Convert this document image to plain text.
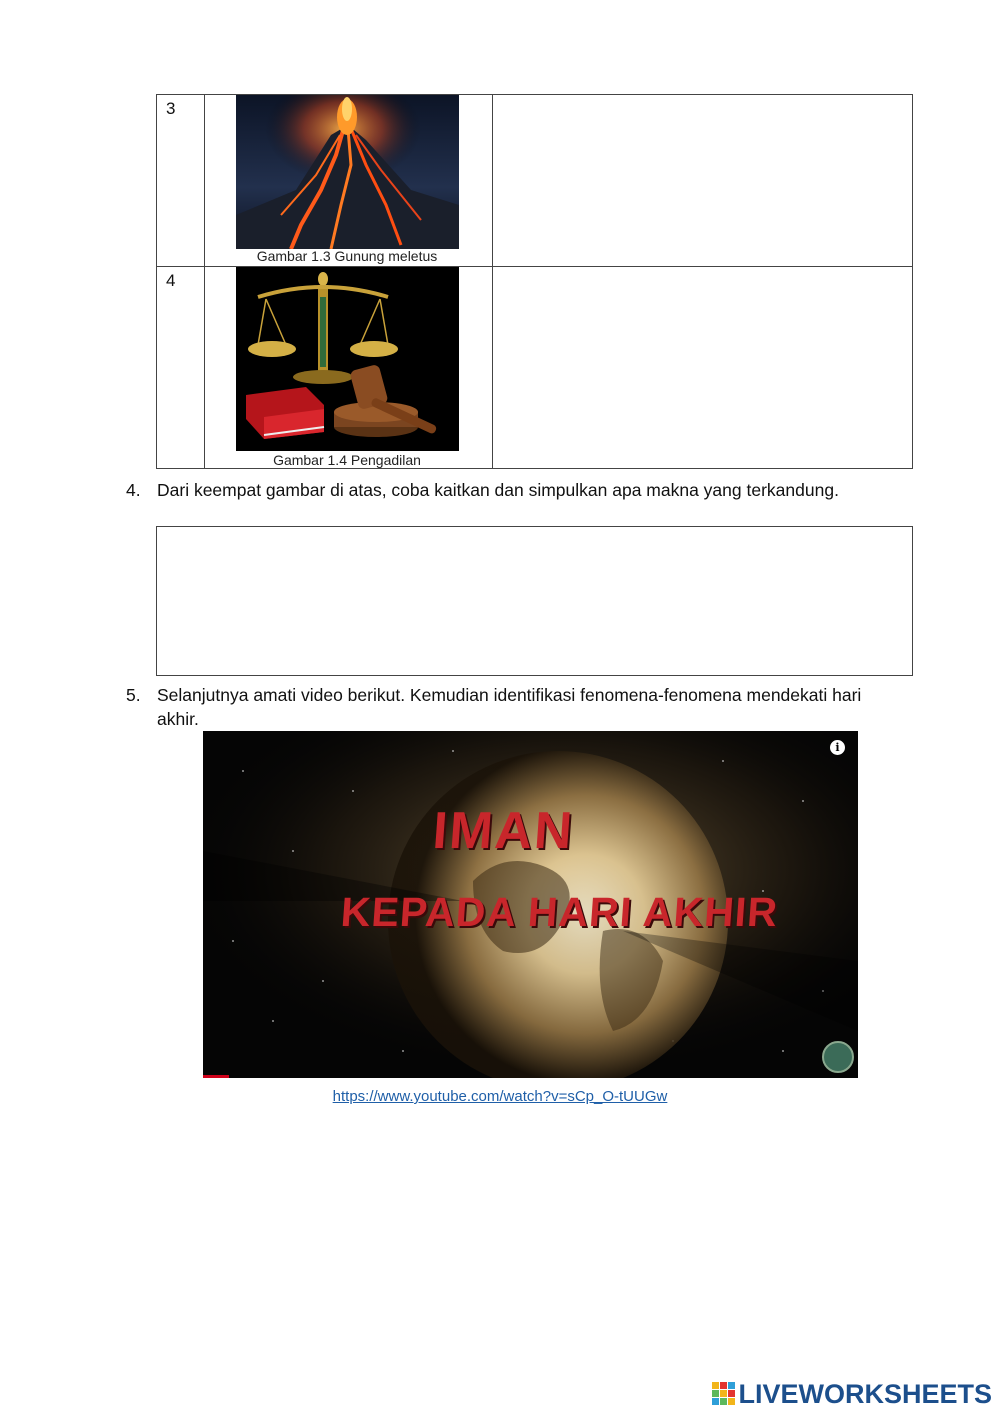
3
Gambar 1.3 Gunung meletus
4
Gambar 1.4 Pengadilan
4. Dari keempat gambar di atas, coba kaitkan dan simpulkan apa makna yang terkandung.
5. Selanjutnya amati video berikut. Kemudian identifikasi fenomena-fenomena mendekati hari akhir.
IMAN
KEPADA HARI AKHIR
i
https://www.youtube.com/watch?v=sCp_O-tUUGw
LIVEWORKSHEETS
